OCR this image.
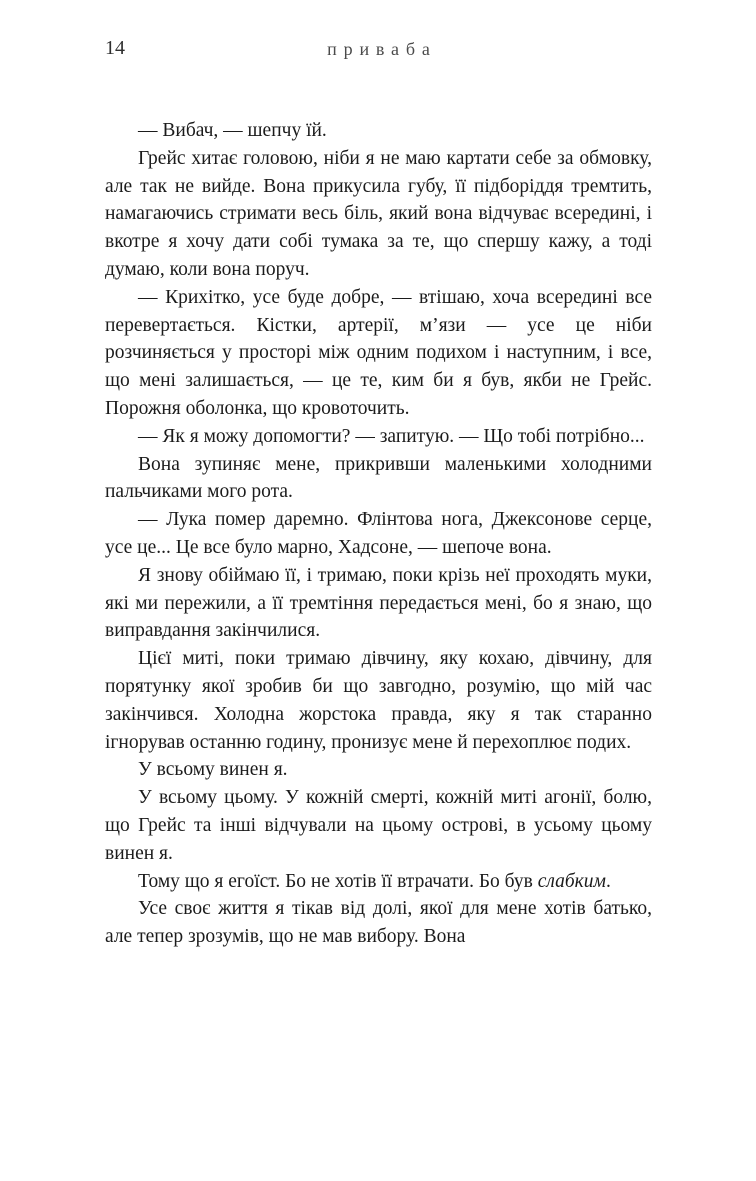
14	приваба

— Вибач, — шепчу їй.

Грейс хитає головою, ніби я не маю картати себе за обмовку, але так не вийде. Вона прикусила губу, її підборіддя тремтить, намагаючись стримати весь біль, який вона відчуває всередині, і вкотре я хочу дати собі тумака за те, що спершу кажу, а тоді думаю, коли вона поруч.

— Крихітко, усе буде добре, — втішаю, хоча всередині все перевертається. Кістки, артерії, м’язи — усе це ніби розчиняється у просторі між одним подихом і наступним, і все, що мені залишається, — це те, ким би я був, якби не Грейс. Порожня оболонка, що кровоточить.

— Як я можу допомогти? — запитую. — Що тобі потрібно...

Вона зупиняє мене, прикривши маленькими холодними пальчиками мого рота.

— Лука помер даремно. Флінтова нога, Джексонове серце, усе це... Це все було марно, Хадсоне, — шепоче вона.

Я знову обіймаю її, і тримаю, поки крізь неї проходять муки, які ми пережили, а її тремтіння передається мені, бо я знаю, що виправдання закінчилися.

Цієї миті, поки тримаю дівчину, яку кохаю, дівчину, для порятунку якої зробив би що завгодно, розумію, що мій час закінчився. Холодна жорстока правда, яку я так старанно ігнорував останню годину, пронизує мене й перехоплює подих.

У всьому винен я.

У всьому цьому. У кожній смерті, кожній миті агонії, болю, що Грейс та інші відчували на цьому острові, в усьому цьому винен я.

Тому що я егоїст. Бо не хотів її втрачати. Бо був слабким.

Усе своє життя я тікав від долі, якої для мене хотів батько, але тепер зрозумів, що не мав вибору. Вона
